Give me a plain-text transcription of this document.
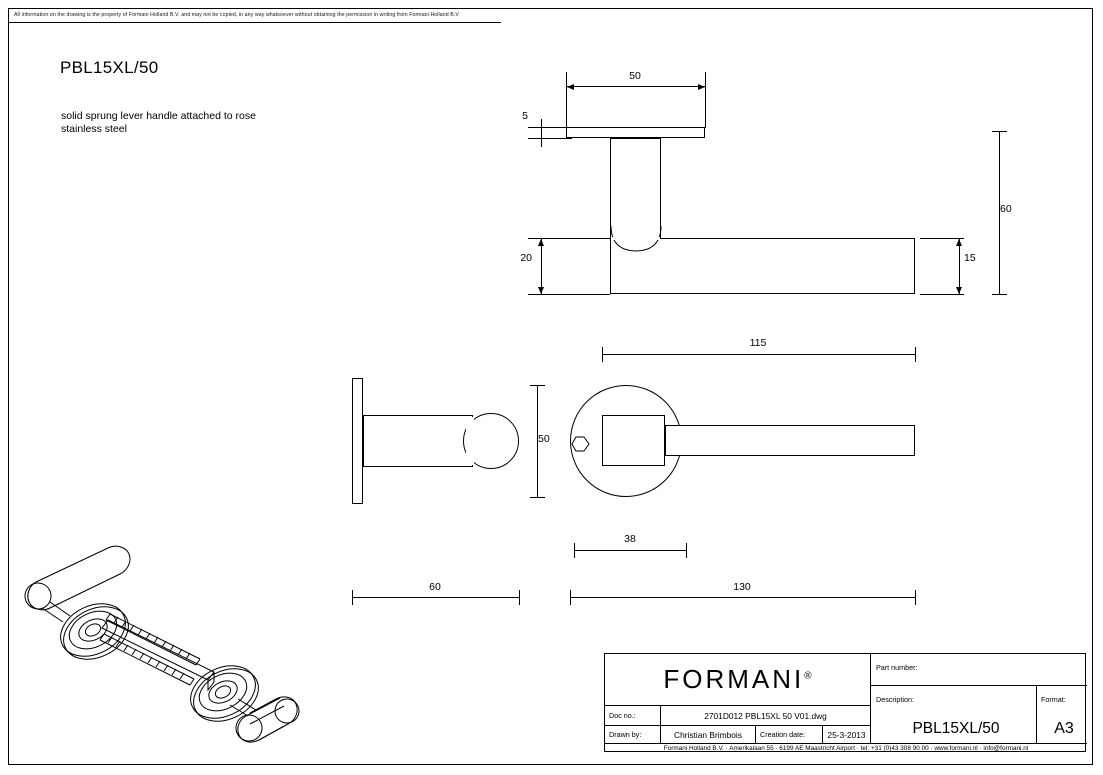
All information on the drawing is the property of Formani Holland B.V. and may not be copied, in any way whatsoever without obtaining the permission in writing from Formani Holland B.V
PBL15XL/50
solid sprung lever handle attached to rose
stainless steel
50
5
20
60
15
50
60
115
38
130
FORMANI®
Doc no.:	2701D012 PBL15XL 50 V01.dwg
Drawn by:	Christian Brimbois	Creation date:	25-3-2013
Part number:
Description:
PBL15XL/50
Format:
A3
Formani Holland B.V. · Amerikalaan 55 · 6199 AE Maastricht Airport · tel: +31 (0)43 308 90 00 · www.formani.nl · info@formani.nl
